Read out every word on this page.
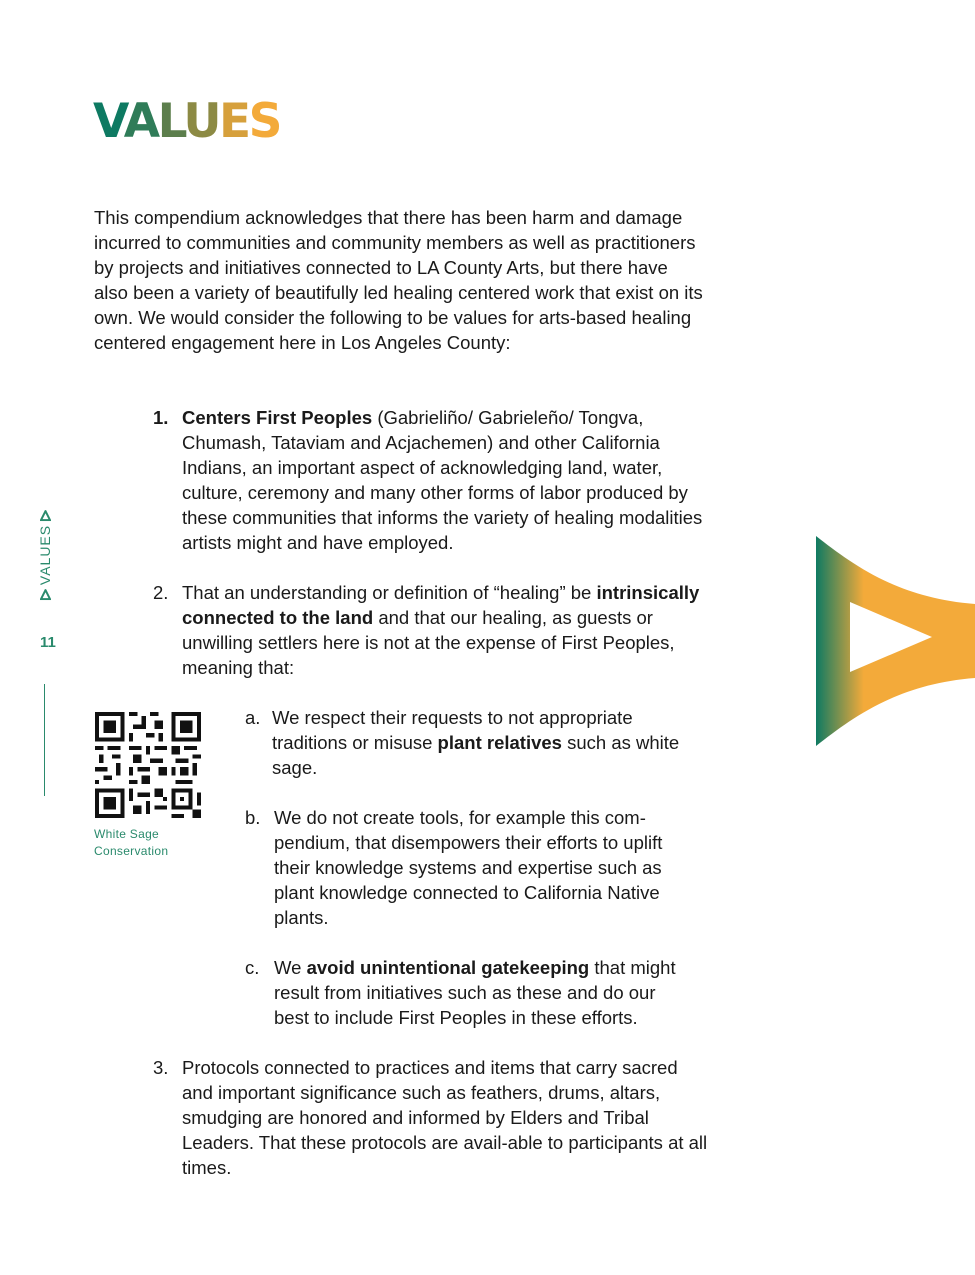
VALUES

This compendium acknowledges that there has been harm and damage incurred to communities and community members as well as practitioners by projects and initiatives connected to LA County Arts, but there have also been a variety of beautifully led healing centered work that exist on its own. We would consider the following to be values for arts-based healing centered engagement here in Los Angeles County:

1. Centers First Peoples (Gabrieliño/ Gabrieleño/ Tongva, Chumash, Tataviam and Acjachemen) and other California Indians, an important aspect of acknowledging land, water, culture, ceremony and many other forms of labor produced by these communities that informs the variety of healing modalities artists might and have employed.

2. That an understanding or definition of “healing” be intrinsically connected to the land and that our healing, as guests or unwilling settlers here is not at the expense of First Peoples, meaning that:

a. We respect their requests to not appropriate traditions or misuse plant relatives such as white sage.

b. We do not create tools, for example this com-pendium, that disempowers their efforts to uplift their knowledge systems and expertise such as plant knowledge connected to California Native plants.

c. We avoid unintentional gatekeeping that might result from initiatives such as these and do our best to include First Peoples in these efforts.

3. Protocols connected to practices and items that carry sacred and important significance such as feathers, drums, altars, smudging are honored and informed by Elders and Tribal Leaders. That these protocols are avail-able to participants at all times.

VALUES
11

White Sage
Conservation
